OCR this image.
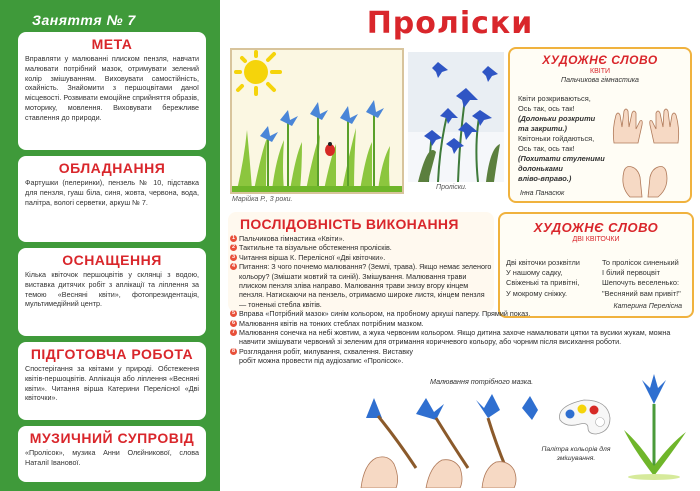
Заняття № 7
МЕТА

Вправляти у малюванні плиском пензля, навчати малювати потрібний мазок, отримувати зелений колір змішуванням. Виховувати самостійність, охайність. Знайомити з першоцвітами даної місцевості. Розвивати емоційне сприйняття образів, моторику, мовлення. Виховувати бережливе ставлення до природи.

ОБЛАДНАННЯ

Фартушки (пелеринки), пензель № 10, підставка для пензля, гуаш біла, синя, жовта, червона, вода, палітра, вологі серветки, аркуш № 7.

ОСНАЩЕННЯ

Кілька квіточок першоцвітів у склянці з водою, виставка дитячих робіт з аплікації та ліплення за темою «Весняні квіти», фотопрезидентація, мультимедійний центр.

ПІДГОТОВЧА РОБОТА

Спостерігання за квітами у природі. Обстеження квітів-першоцвітів. Аплікація або ліплення «Весняні квіти». Читання вірша Катерини Перелісної «Дві квіточки».

МУЗИЧНИЙ СУПРОВІД

«Пролісок», музика Анни Олєйникової, слова Наталії Іванової.

Проліски
Марійка Р., 3 роки.
Проліски.
ХУДОЖНЄ СЛОВО
КВІТИ
Пальчикова гімнастика
Квіти розкриваються,
Ось так, ось так!
(Долоньки розкрити
та закрити.)
Квітоньки гойдаються,
Ось так, ось так!
(Похитати стуленими
долоньками
вліво-вправо.)
Інна Панасюк
ХУДОЖНЄ СЛОВО
ДВІ КВІТОЧКИ
Дві квіточки розквітли
У нашому садку,
Свіженькі та привітні,
У мокрому сніжку.
То пролісок синенький
І білий первоцвіт
Шепочуть веселенько:
"Весняний вам привіт!"
Катерина Перелісна
ПОСЛІДОВНІСТЬ ВИКОНАННЯ
1 Пальчикова гімнастика «Квіти».
2 Тактильне та візуальне обстеження пролісків.
3 Читання вірша К. Перелісної «Дві квіточки».
4 Питання: З чого почнемо малювання? (Землі, трава). Якщо немає зеленого кольору? (Змішати жовтий та синій). Змішування. Малювання трави плиском пензля зліва направо. Малювання трави знизу вгору кінцем пензля. Натискаючи на пензель, отримаємо широке листя, кінцем пензля — тоненькі стебла квітів.
5 Вправа «Потрібний мазок» синім кольором, на пробному аркуші паперу. Прямий показ.
6 Малювання квітів на тонких стеблах потрібним мазком.
7 Малювання сонечка на небі жовтим, а жука червоним кольором. Якщо дитина захоче намалювати цятки та вусики жукам, можна навчити змішувати червоний зі зеленим для отримання коричневого кольору, або чорним після висихання роботи.
8 Розглядання робіт, милування, схвалення. Виставку робіт можна провести під аудіозапис «Пролісок».
Малювання потрібного мазка.
Палітра кольорів для змішування.
